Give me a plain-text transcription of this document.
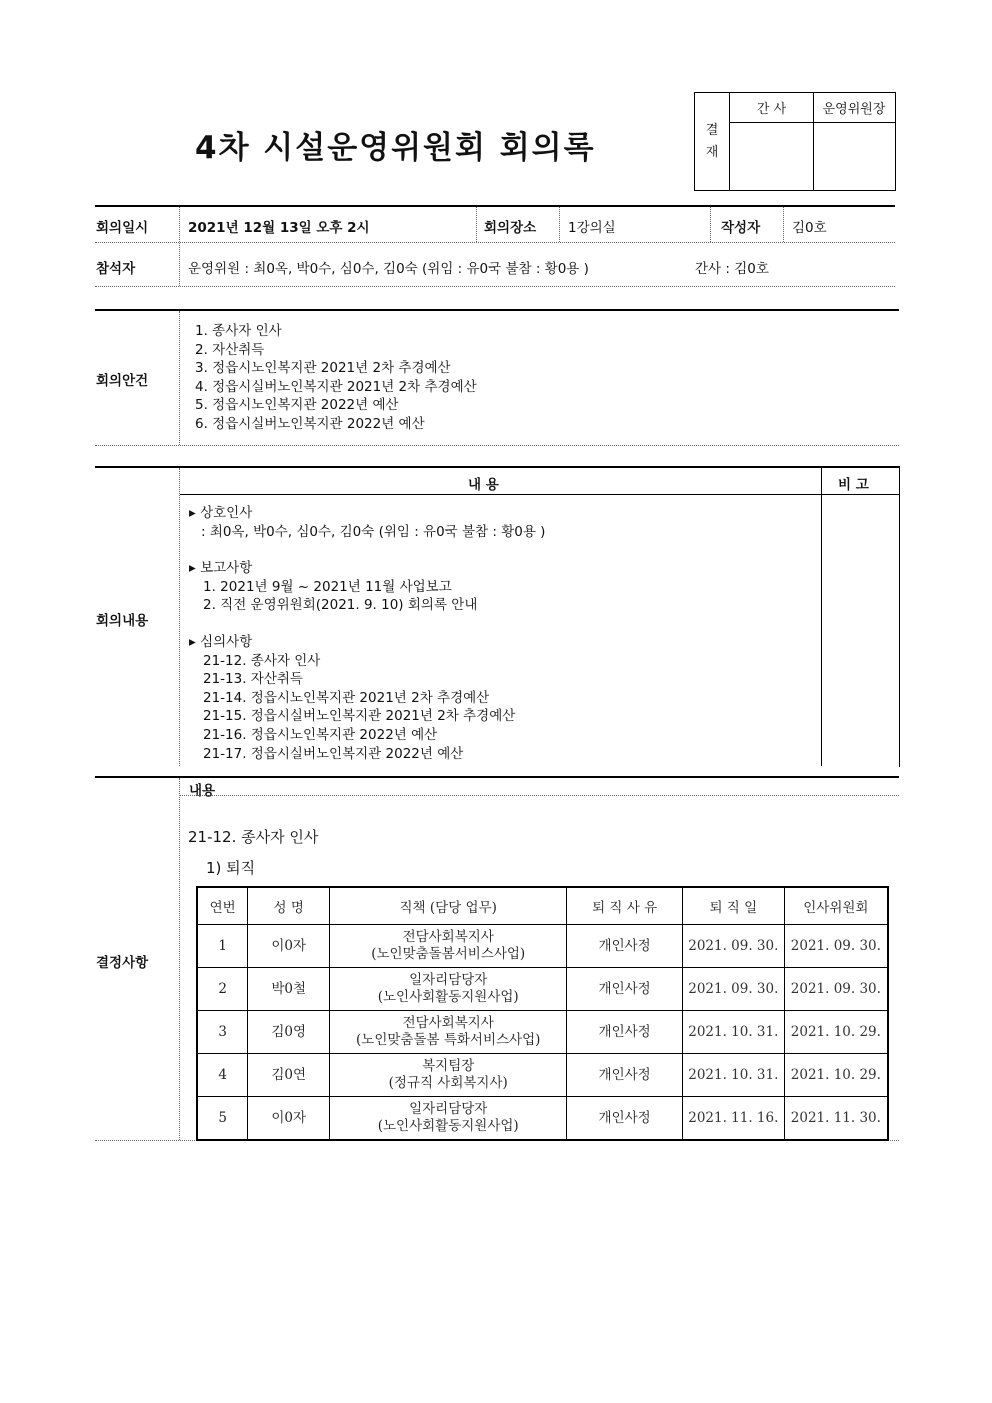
4차 시설운영위원회 회의록	결
재
간 사	운영위원장
회의일시	2021년 12월 13일 오후 2시	회의장소 1강의실	작성자 김0호
참석자	운영위원 : 최0옥, 박0수, 심0수, 김0숙 (위임 : 유0국 불참 : 황0용 )	간사 : 김0호
회의안건
1. 종사자 인사
2. 자산취득
3. 정읍시노인복지관 2021년 2차 추경예산
4. 정읍시실버노인복지관 2021년 2차 추경예산
5. 정읍시노인복지관 2022년 예산
6. 정읍시실버노인복지관 2022년 예산
비 고
내 용
회의내용
▸ 상호인사
: 최0옥, 박0수, 심0수, 김0숙 (위임 : 유0국 불참 : 황0용 )
▸ 보고사항
1. 2021년 9월 ~ 2021년 11월 사업보고
2. 직전 운영위원회(2021. 9. 10) 회의록 안내
▸ 심의사항
21-12. 종사자 인사
21-13. 자산취득
21-14. 정읍시노인복지관 2021년 2차 추경예산
21-15. 정읍시실버노인복지관 2021년 2차 추경예산
21-16. 정읍시노인복지관 2022년 예산
21-17. 정읍시실버노인복지관 2022년 예산
결정사항
내용
21-12. 종사자 인사
1) 퇴직
연번	성 명	직책 (담당 업무)	퇴 직 사 유	퇴 직 일	인사위원회
1	이0자	전담사회복지사
(노인맞춤돌봄서비스사업)	개인사정	2021. 09. 30.	2021. 09. 30.
2	박0철	일자리담당자
(노인사회활동지원사업)	개인사정	2021. 09. 30.	2021. 09. 30.
3	김0영	전담사회복지사
(노인맞춤돌봄 특화서비스사업)	개인사정	2021. 10. 31.	2021. 10. 29.
4	김0연	복지팀장
(정규직 사회복지사)	개인사정	2021. 10. 31.	2021. 10. 29.
5	이0자	일자리담당자
(노인사회활동지원사업)	개인사정	2021. 11. 16.	2021. 11. 30.
